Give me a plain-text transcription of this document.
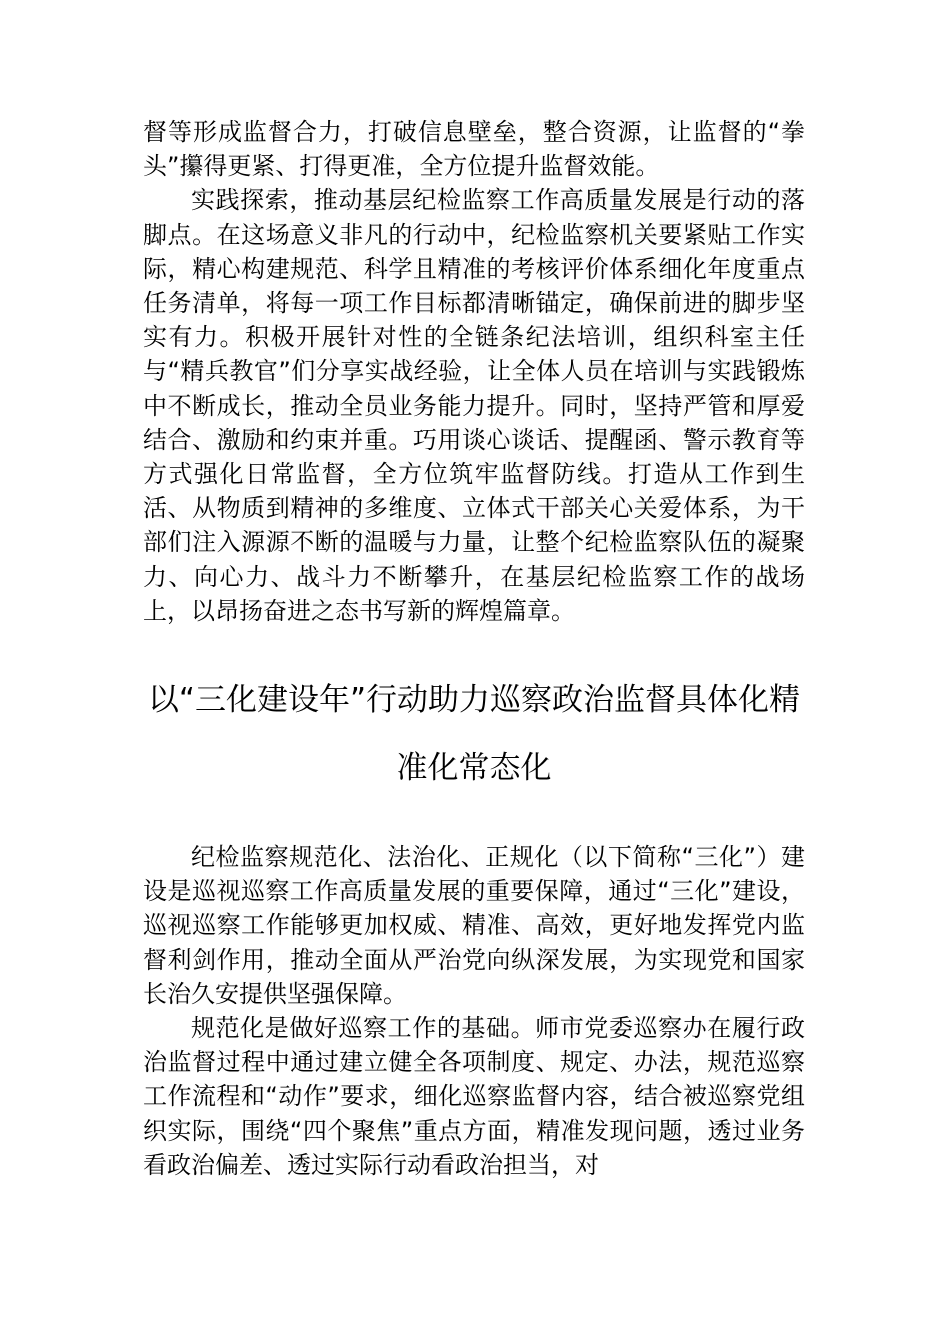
督等形成监督合力，打破信息壁垒，整合资源，让监督的“拳头”攥得更紧、打得更准，全方位提升监督效能。

实践探索，推动基层纪检监察工作高质量发展是行动的落脚点。在这场意义非凡的行动中，纪检监察机关要紧贴工作实际，精心构建规范、科学且精准的考核评价体系细化年度重点任务清单，将每一项工作目标都清晰锚定，确保前进的脚步坚实有力。积极开展针对性的全链条纪法培训，组织科室主任与“精兵教官”们分享实战经验，让全体人员在培训与实践锻炼中不断成长，推动全员业务能力提升。同时，坚持严管和厚爱结合、激励和约束并重。巧用谈心谈话、提醒函、警示教育等方式强化日常监督，全方位筑牢监督防线。打造从工作到生活、从物质到精神的多维度、立体式干部关心关爱体系，为干部们注入源源不断的温暖与力量，让整个纪检监察队伍的凝聚力、向心力、战斗力不断攀升，在基层纪检监察工作的战场上，以昂扬奋进之态书写新的辉煌篇章。

以“三化建设年”行动助力巡察政治监督具体化精准化常态化

纪检监察规范化、法治化、正规化（以下简称“三化”）建设是巡视巡察工作高质量发展的重要保障，通过“三化”建设，巡视巡察工作能够更加权威、精准、高效，更好地发挥党内监督利剑作用，推动全面从严治党向纵深发展，为实现党和国家长治久安提供坚强保障。

规范化是做好巡察工作的基础。师市党委巡察办在履行政治监督过程中通过建立健全各项制度、规定、办法，规范巡察工作流程和“动作”要求，细化巡察监督内容，结合被巡察党组织实际，围绕“四个聚焦”重点方面，精准发现问题，透过业务看政治偏差、透过实际行动看政治担当，对
